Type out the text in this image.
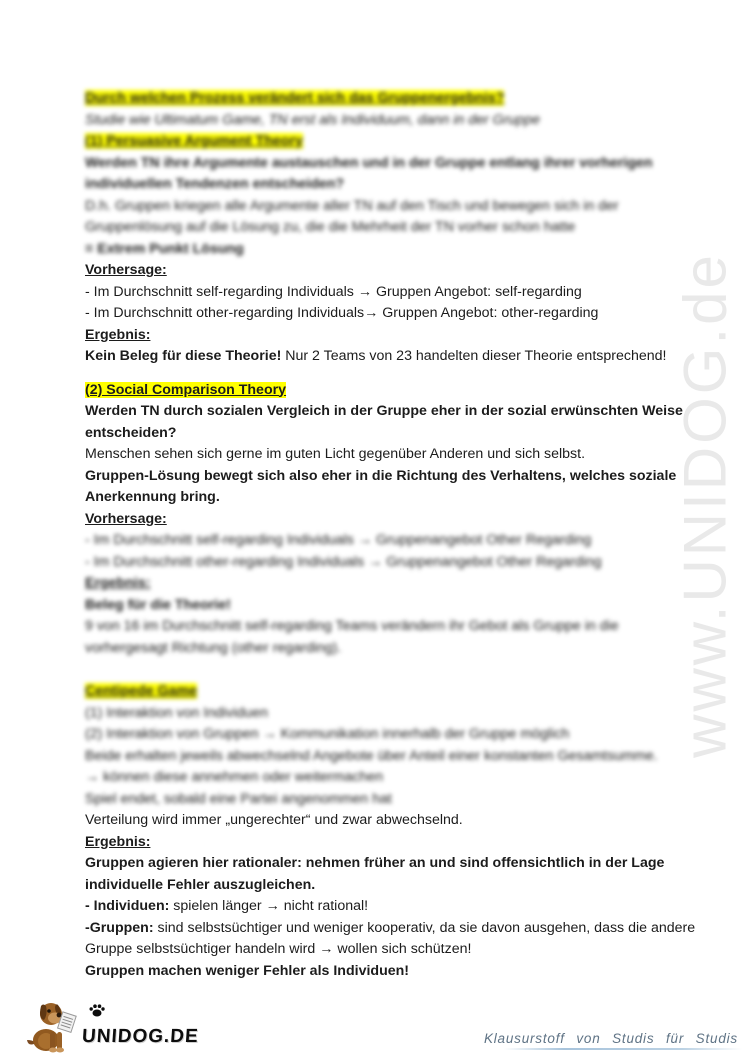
www.UNIDOG.de
Durch welchen Prozess verändert sich das Gruppenergebnis?
Studie wie Ultimatum Game, TN erst als Individuum, dann in der Gruppe
(1) Persuasive Argument Theory
Werden TN ihre Argumente austauschen und in der Gruppe entlang ihrer vorherigen
individuellen Tendenzen entscheiden?
D.h. Gruppen kriegen alle Argumente aller TN auf den Tisch und bewegen sich in der
Gruppenlösung auf die Lösung zu, die die Mehrheit der TN vorher schon hatte
= Extrem Punkt Lösung
Vorhersage:
- Im Durchschnitt self-regarding Individuals → Gruppen Angebot: self-regarding
- Im Durchschnitt other-regarding Individuals→ Gruppen Angebot: other-regarding
Ergebnis:
Kein Beleg für diese Theorie! Nur 2 Teams von 23 handelten dieser Theorie entsprechend!
(2) Social Comparison Theory
Werden TN durch sozialen Vergleich in der Gruppe eher in der sozial erwünschten Weise
entscheiden?
Menschen sehen sich gerne im guten Licht gegenüber Anderen und sich selbst.
Gruppen-Lösung bewegt sich also eher in die Richtung des Verhaltens, welches soziale
Anerkennung bring.
Vorhersage:
- Im Durchschnitt self-regarding Individuals → Gruppenangebot Other Regarding
- Im Durchschnitt other-regarding Individuals → Gruppenangebot Other Regarding
Ergebnis:
Beleg für die Theorie!
9 von 16 im Durchschnitt self-regarding Teams verändern ihr Gebot als Gruppe in die
vorhergesagt Richtung (other regarding).
Centipede Game
(1) Interaktion von Individuen
(2) Interaktion von Gruppen → Kommunikation innerhalb der Gruppe möglich
Beide erhalten jeweils abwechselnd Angebote über Anteil einer konstanten Gesamtsumme.
→ können diese annehmen oder weitermachen
Spiel endet, sobald eine Partei angenommen hat
Verteilung wird immer „ungerechter“ und zwar abwechselnd.
Ergebnis:
Gruppen agieren hier rationaler: nehmen früher an und sind offensichtlich in der Lage
individuelle Fehler auszugleichen.
- Individuen: spielen länger → nicht rational!
-Gruppen: sind selbstsüchtiger und weniger kooperativ, da sie davon ausgehen, dass die andere
Gruppe selbstsüchtiger handeln wird → wollen sich schützen!
Gruppen machen weniger Fehler als Individuen!
UNIDOG.DE	Klausurstoff von Studis für Studis
